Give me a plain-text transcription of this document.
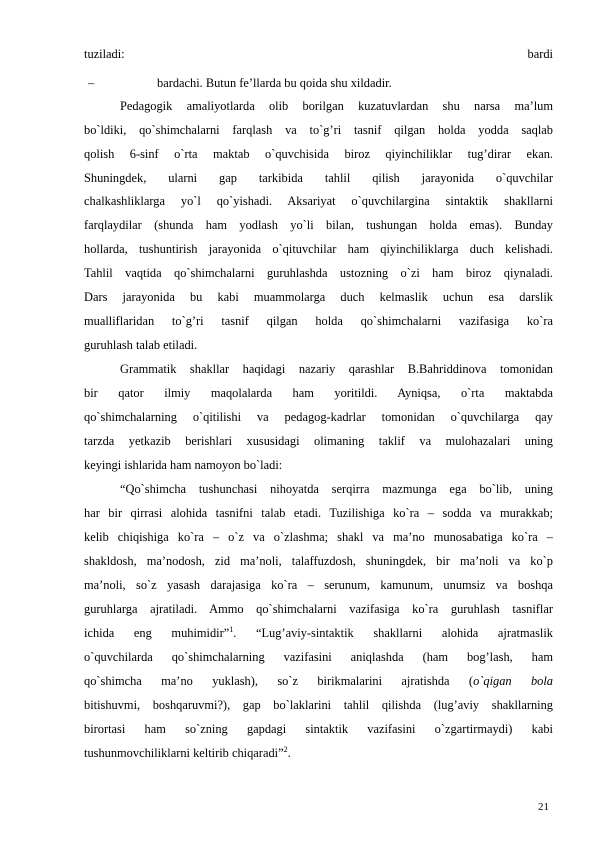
tuziladi: bardi
–	bardachi. Butun fe’llarda bu qoida shu xildadir.
Pedagogik amaliyotlarda olib borilgan kuzatuvlardan shu narsa ma’lum
bo`ldiki, qo`shimchalarni farqlash va to`g’ri tasnif qilgan holda yodda saqlab
qolish 6-sinf o`rta maktab o`quvchisida biroz qiyinchiliklar tug’dirar ekan.
Shuningdek, ularni gap tarkibida tahlil qilish jarayonida o`quvchilar
chalkashliklarga yo`l qo`yishadi. Aksariyat o`quvchilargina sintaktik shakllarni
farqlaydilar (shunda ham yodlash yo`li bilan, tushungan holda emas). Bunday
hollarda, tushuntirish jarayonida o`qituvchilar ham qiyinchiliklarga duch kelishadi.
Tahlil vaqtida qo`shimchalarni guruhlashda ustozning o`zi ham biroz qiynaladi.
Dars jarayonida bu kabi muammolarga duch kelmaslik uchun esa darslik
mualliflaridan to`g’ri tasnif qilgan holda qo`shimchalarni vazifasiga ko`ra
guruhlash talab etiladi.
Grammatik shakllar haqidagi nazariy qarashlar B.Bahriddinova tomonidan
bir qator ilmiy maqolalarda ham yoritildi. Ayniqsa, o`rta maktabda
qo`shimchalarning o`qitilishi va pedagog-kadrlar tomonidan o`quvchilarga qay
tarzda yetkazib berishlari xususidagi olimaning taklif va mulohazalari uning
keyingi ishlarida ham namoyon bo`ladi:
“Qo`shimcha tushunchasi nihoyatda serqirra mazmunga ega bo`lib, uning
har bir qirrasi alohida tasnifni talab etadi. Tuzilishiga ko`ra – sodda va murakkab;
kelib chiqishiga ko`ra – o`z va o`zlashma; shakl va ma’no munosabatiga ko`ra –
shakldosh, ma’nodosh, zid ma’noli, talaffuzdosh, shuningdek, bir ma’noli va ko`p
ma’noli, so`z yasash darajasiga ko`ra – serunum, kamunum, unumsiz va boshqa
guruhlarga ajratiladi. Ammo qo`shimchalarni vazifasiga ko`ra guruhlash tasniflar
ichida eng muhimidir”$^1$. “Lug’aviy-sintaktik shakllarni alohida ajratmaslik
o`quvchilarda qo`shimchalarning vazifasini aniqlashda (ham bog’lash, ham
qo`shimcha ma’no yuklash), so`z birikmalarini ajratishda (o`qigan bola
bitishuvmi, boshqaruvmi?), gap bo`laklarini tahlil qilishda (lug’aviy shakllarning
birortasi ham so`zning gapdagi sintaktik vazifasini o`zgartirmaydi) kabi
tushunmovchiliklarni keltirib chiqaradi”$^2$.
21
